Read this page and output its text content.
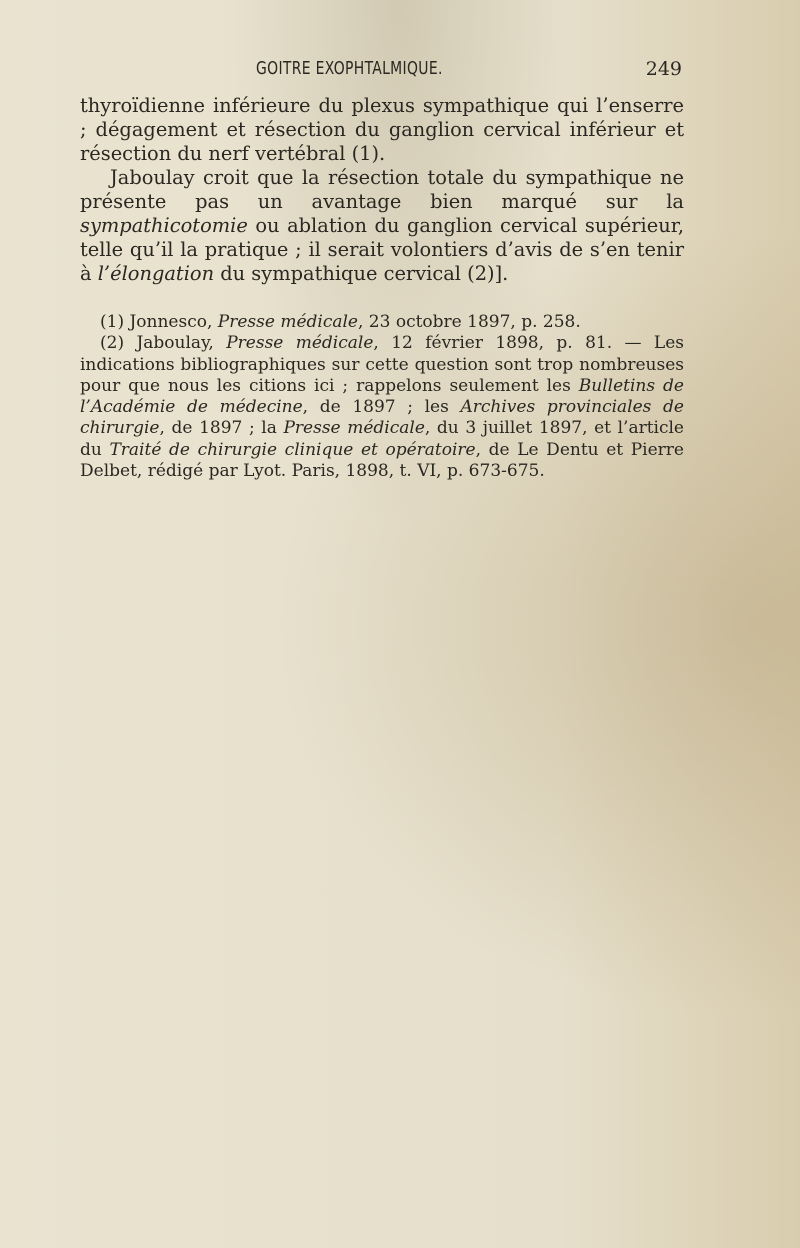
GOITRE EXOPHTALMIQUE.	249

thyroïdienne inférieure du plexus sympathique qui l’enserre ; dégagement et résection du ganglion cervical inférieur et résection du nerf vertébral (1).

Jaboulay croit que la résection totale du sympathique ne présente pas un avantage bien marqué sur la sympathicotomie ou ablation du ganglion cervical supérieur, telle qu’il la pratique ; il serait volontiers d’avis de s’en tenir à l’élongation du sympathique cervical (2)].

(1) Jonnesco, Presse médicale, 23 octobre 1897, p. 258.

(2) Jaboulay, Presse médicale, 12 février 1898, p. 81. — Les indications bibliographiques sur cette question sont trop nombreuses pour que nous les citions ici ; rappelons seulement les Bulletins de l’Académie de médecine, de 1897 ; les Archives provinciales de chirurgie, de 1897 ; la Presse médicale, du 3 juillet 1897, et l’article du Traité de chirurgie clinique et opératoire, de Le Dentu et Pierre Delbet, rédigé par Lyot. Paris, 1898, t. VI, p. 673-675.
